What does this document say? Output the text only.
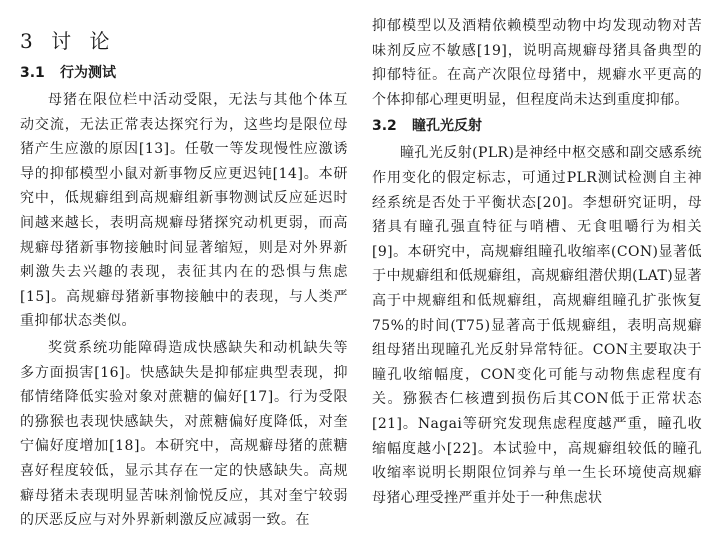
3 讨 论
3.1 行为测试

母猪在限位栏中活动受限，无法与其他个体互动交流，无法正常表达探究行为，这些均是限位母猪产生应激的原因[13]。任敬一等发现慢性应激诱导的抑郁模型小鼠对新事物反应更迟钝[14]。本研究中，低规癖组到高规癖组新事物测试反应延迟时间越来越长，表明高规癖母猪探究动机更弱，而高规癖母猪新事物接触时间显著缩短，则是对外界新刺激失去兴趣的表现，表征其内在的恐惧与焦虑[15]。高规癖母猪新事物接触中的表现，与人类严重抑郁状态类似。

奖赏系统功能障碍造成快感缺失和动机缺失等多方面损害[16]。快感缺失是抑郁症典型表现，抑郁情绪降低实验对象对蔗糖的偏好[17]。行为受限的猕猴也表现快感缺失，对蔗糖偏好度降低，对奎宁偏好度增加[18]。本研究中，高规癖母猪的蔗糖喜好程度较低，显示其存在一定的快感缺失。高规癖母猪未表现明显苦味剂愉悦反应，其对奎宁较弱的厌恶反应与对外界新刺激反应减弱一致。在

抑郁模型以及酒精依赖模型动物中均发现动物对苦味剂反应不敏感[19]，说明高规癖母猪具备典型的抑郁特征。在高产次限位母猪中，规癖水平更高的个体抑郁心理更明显，但程度尚未达到重度抑郁。

3.2 瞳孔光反射

瞳孔光反射(PLR)是神经中枢交感和副交感系统作用变化的假定标志，可通过PLR测试检测自主神经系统是否处于平衡状态[20]。李想研究证明，母猪具有瞳孔强直特征与哨槽、无食咀嚼行为相关[9]。本研究中，高规癖组瞳孔收缩率(CON)显著低于中规癖组和低规癖组，高规癖组潜伏期(LAT)显著高于中规癖组和低规癖组，高规癖组瞳孔扩张恢复75%的时间(T75)显著高于低规癖组，表明高规癖组母猪出现瞳孔光反射异常特征。CON主要取决于瞳孔收缩幅度，CON变化可能与动物焦虑程度有关。猕猴杏仁核遭到损伤后其CON低于正常状态[21]。Nagai等研究发现焦虑程度越严重，瞳孔收缩幅度越小[22]。本试验中，高规癖组较低的瞳孔收缩率说明长期限位饲养与单一生长环境使高规癖母猪心理受挫严重并处于一种焦虑状
